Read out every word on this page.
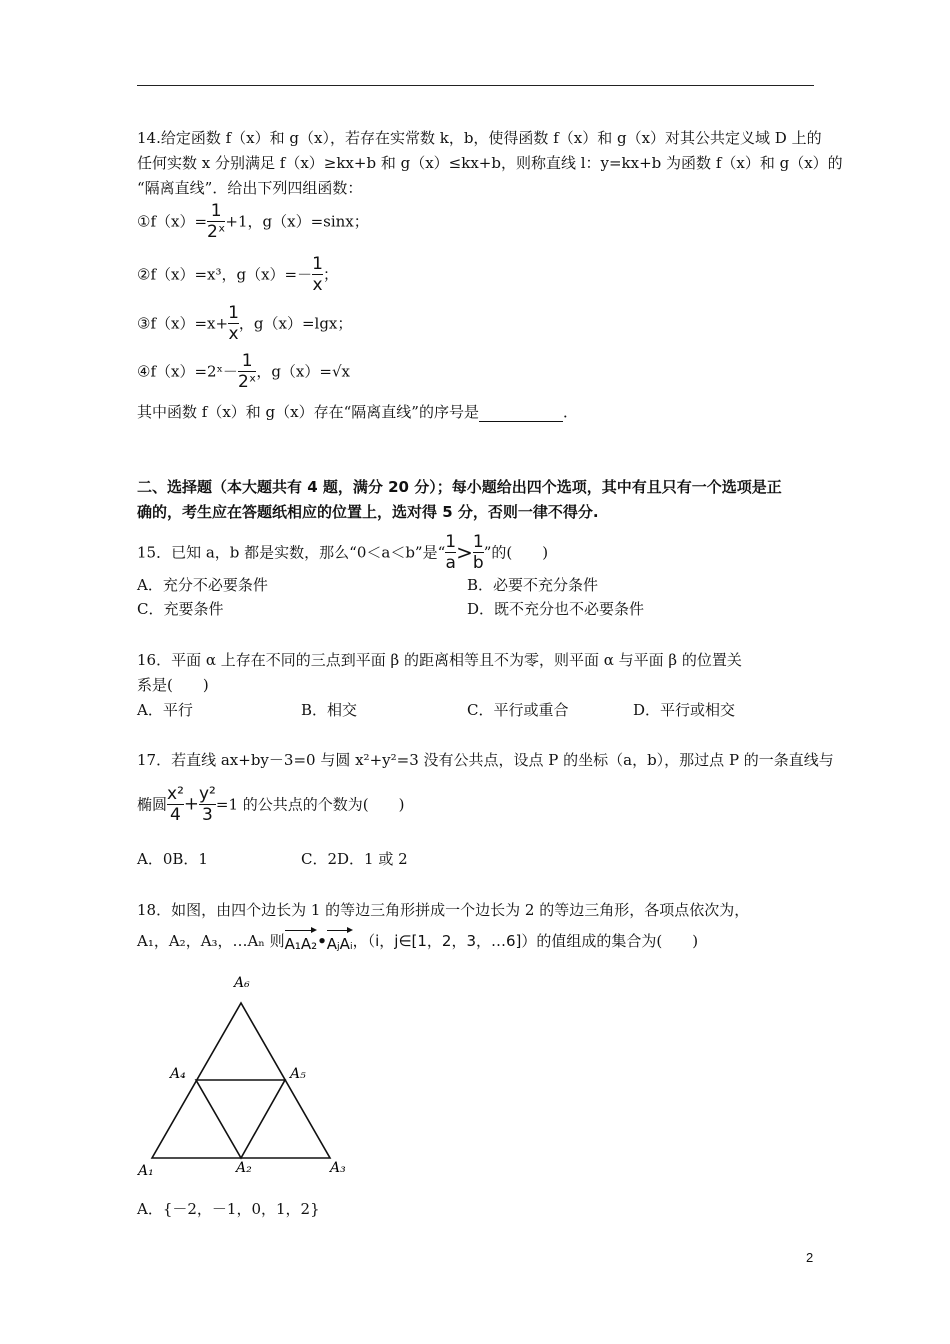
14.给定函数 f（x）和 g（x），若存在实常数 k，b，使得函数 f（x）和 g（x）对其公共定义域 D 上的
任何实数 x 分别满足 f（x）≥kx+b 和 g（x）≤kx+b，则称直线 l：y=kx+b 为函数 f（x）和 g（x）的
“隔离直线”．给出下列四组函数：
①f（x）= $\frac{1}{\text{2ˣ}} +1$，g（x）=sinx；
②f（x）=x³，$g(x)=- \frac{1}{x}$ ；
③f（x）=x+ $\frac{1}{x}$ ，g（x）=lgx；
④f（x）=2ˣ－ $\frac{1}{\text{2ˣ}}$ ，g（x）=√x
其中函数 f（x）和 g（x）存在“隔离直线”的序号是	．
二、选择题（本大题共有 4 题，满分 20 分）；每小题给出四个选项，其中有且只有一个选项是正
确的，考生应在答题纸相应的位置上，选对得 5 分，否则一律不得分.
15．已知 a，b 都是实数，那么“0＜a＜b”是“ $\frac{1}{a} > \frac{1}{b}$ ”的(　　)
A．充分不必要条件	B．必要不充分条件
C．充要条件	D．既不充分也不必要条件
16．平面 α 上存在不同的三点到平面 β 的距离相等且不为零，则平面 α 与平面 β 的位置关
系是(　　)
A．平行	B．相交	C．平行或重合	D．平行或相交
17．若直线 ax+by－3=0 与圆 x²+y²=3 没有公共点，设点 P 的坐标（a，b），那过点 P 的一条直线与
椭圆 $\frac{\text{x²}}{4} + \frac{\text{y²}}{3} =1$ 的公共点的个数为(　　)
A．0B．1	C．2D．1 或 2
18．如图，由四个边长为 1 的等边三角形拼成一个边长为 2 的等边三角形，各项点依次为，
A₁，A₂，A₃，…Aₙ 则A₁A₂•AⱼAᵢ，（i，j∈[1，2，3，…6]）的值组成的集合为(　　)
A₁	A₂	A₃
A₄	A₅
A₆
A．{－2，－1，0，1，2}
2
